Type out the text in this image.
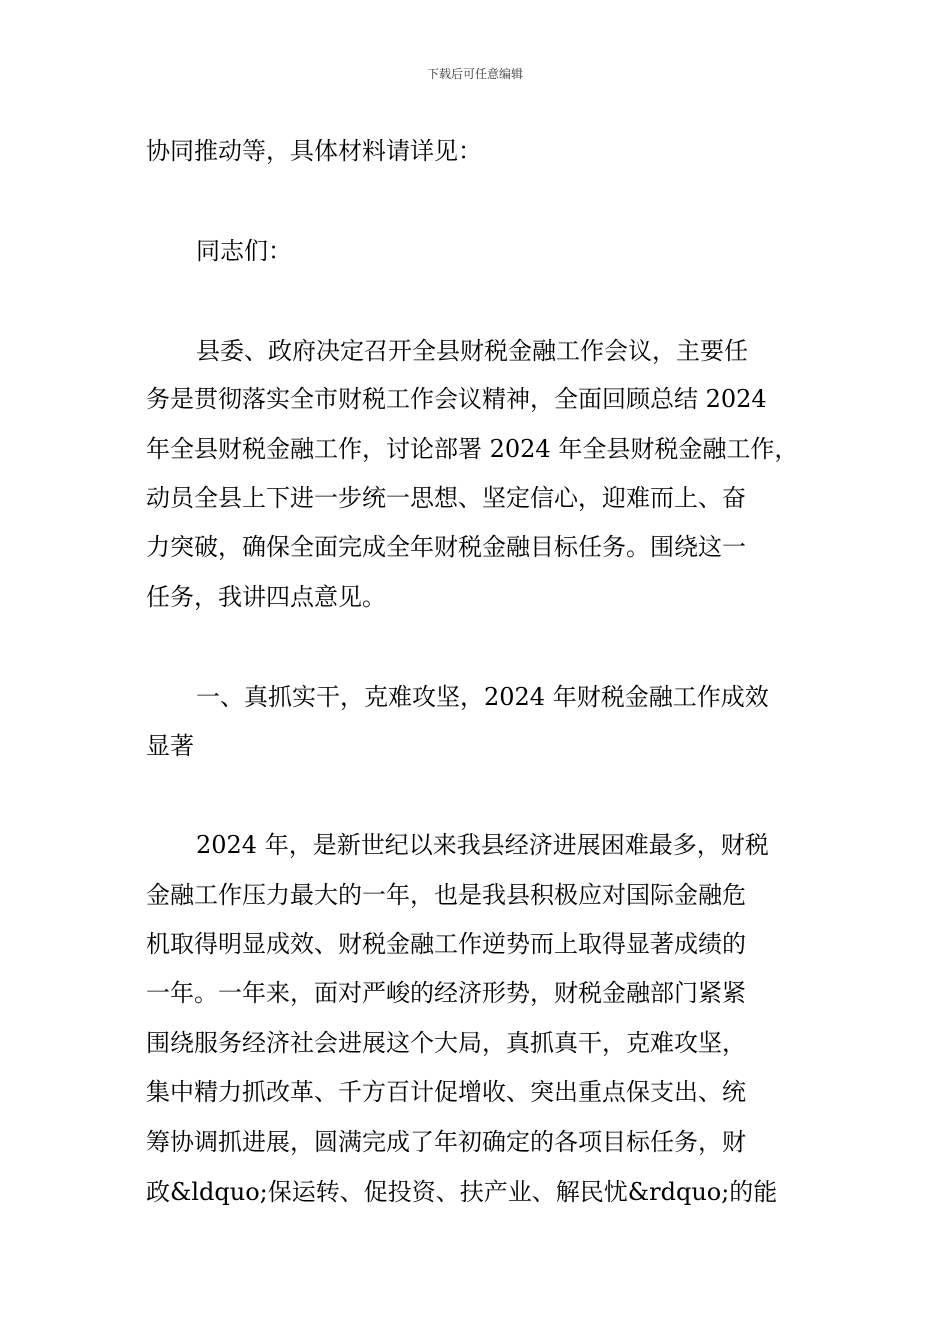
下载后可任意编辑
协同推动等，具体材料请详见：
同志们：
县委、政府决定召开全县财税金融工作会议，主要任
务是贯彻落实全市财税工作会议精神，全面回顾总结 2024
年全县财税金融工作，讨论部署 2024 年全县财税金融工作，
动员全县上下进一步统一思想、坚定信心，迎难而上、奋
力突破，确保全面完成全年财税金融目标任务。围绕这一
任务，我讲四点意见。
一、真抓实干，克难攻坚，2024 年财税金融工作成效
显著
2024 年，是新世纪以来我县经济进展困难最多，财税
金融工作压力最大的一年，也是我县积极应对国际金融危
机取得明显成效、财税金融工作逆势而上取得显著成绩的
一年。一年来，面对严峻的经济形势，财税金融部门紧紧
围绕服务经济社会进展这个大局，真抓真干，克难攻坚，
集中精力抓改革、千方百计促增收、突出重点保支出、统
筹协调抓进展，圆满完成了年初确定的各项目标任务，财
政&ldquo;保运转、促投资、扶产业、解民忧&rdquo;的能
